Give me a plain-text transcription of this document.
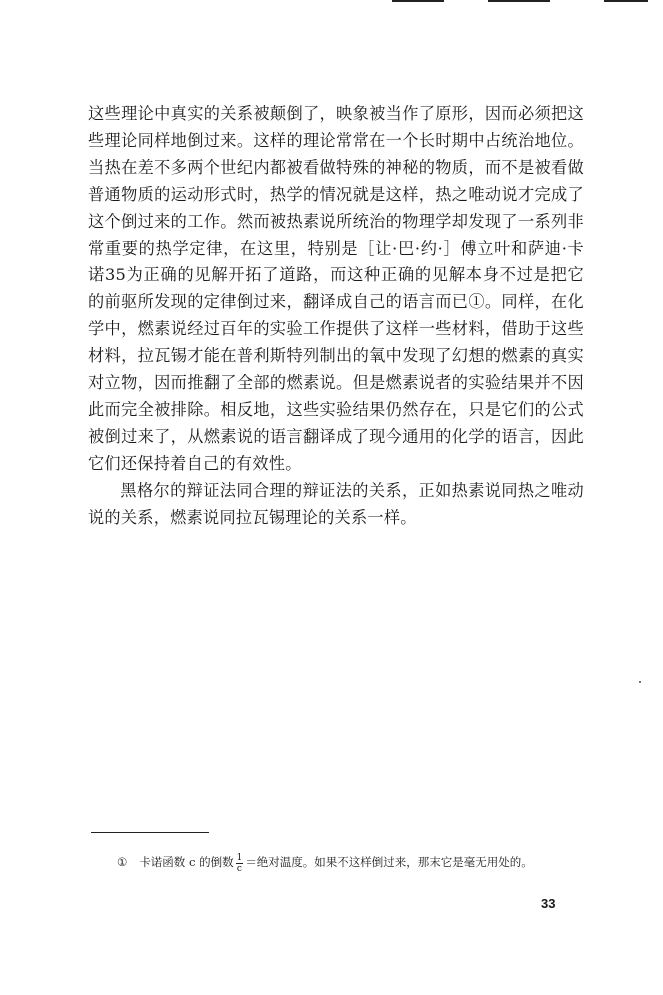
这些理论中真实的关系被颠倒了，映象被当作了原形，因而必须把这些理论同样地倒过来。这样的理论常常在一个长时期中占统治地位。当热在差不多两个世纪内都被看做特殊的神秘的物质，而不是被看做普通物质的运动形式时，热学的情况就是这样，热之唯动说才完成了这个倒过来的工作。然而被热素说所统治的物理学却发现了一系列非常重要的热学定律，在这里，特别是［让·巴·约·］傅立叶和萨迪·卡诺35为正确的见解开拓了道路，而这种正确的见解本身不过是把它的前驱所发现的定律倒过来，翻译成自己的语言而已①。同样，在化学中，燃素说经过百年的实验工作提供了这样一些材料，借助于这些材料，拉瓦锡才能在普利斯特列制出的氧中发现了幻想的燃素的真实对立物，因而推翻了全部的燃素说。但是燃素说者的实验结果并不因此而完全被排除。相反地，这些实验结果仍然存在，只是它们的公式被倒过来了，从燃素说的语言翻译成了现今通用的化学的语言，因此它们还保持着自己的有效性。

黑格尔的辩证法同合理的辩证法的关系，正如热素说同热之唯动说的关系，燃素说同拉瓦锡理论的关系一样。

① 卡诺函数 c 的倒数 $\frac{1}{c}$ ＝绝对温度。如果不这样倒过来，那末它是毫无用处的。
33
